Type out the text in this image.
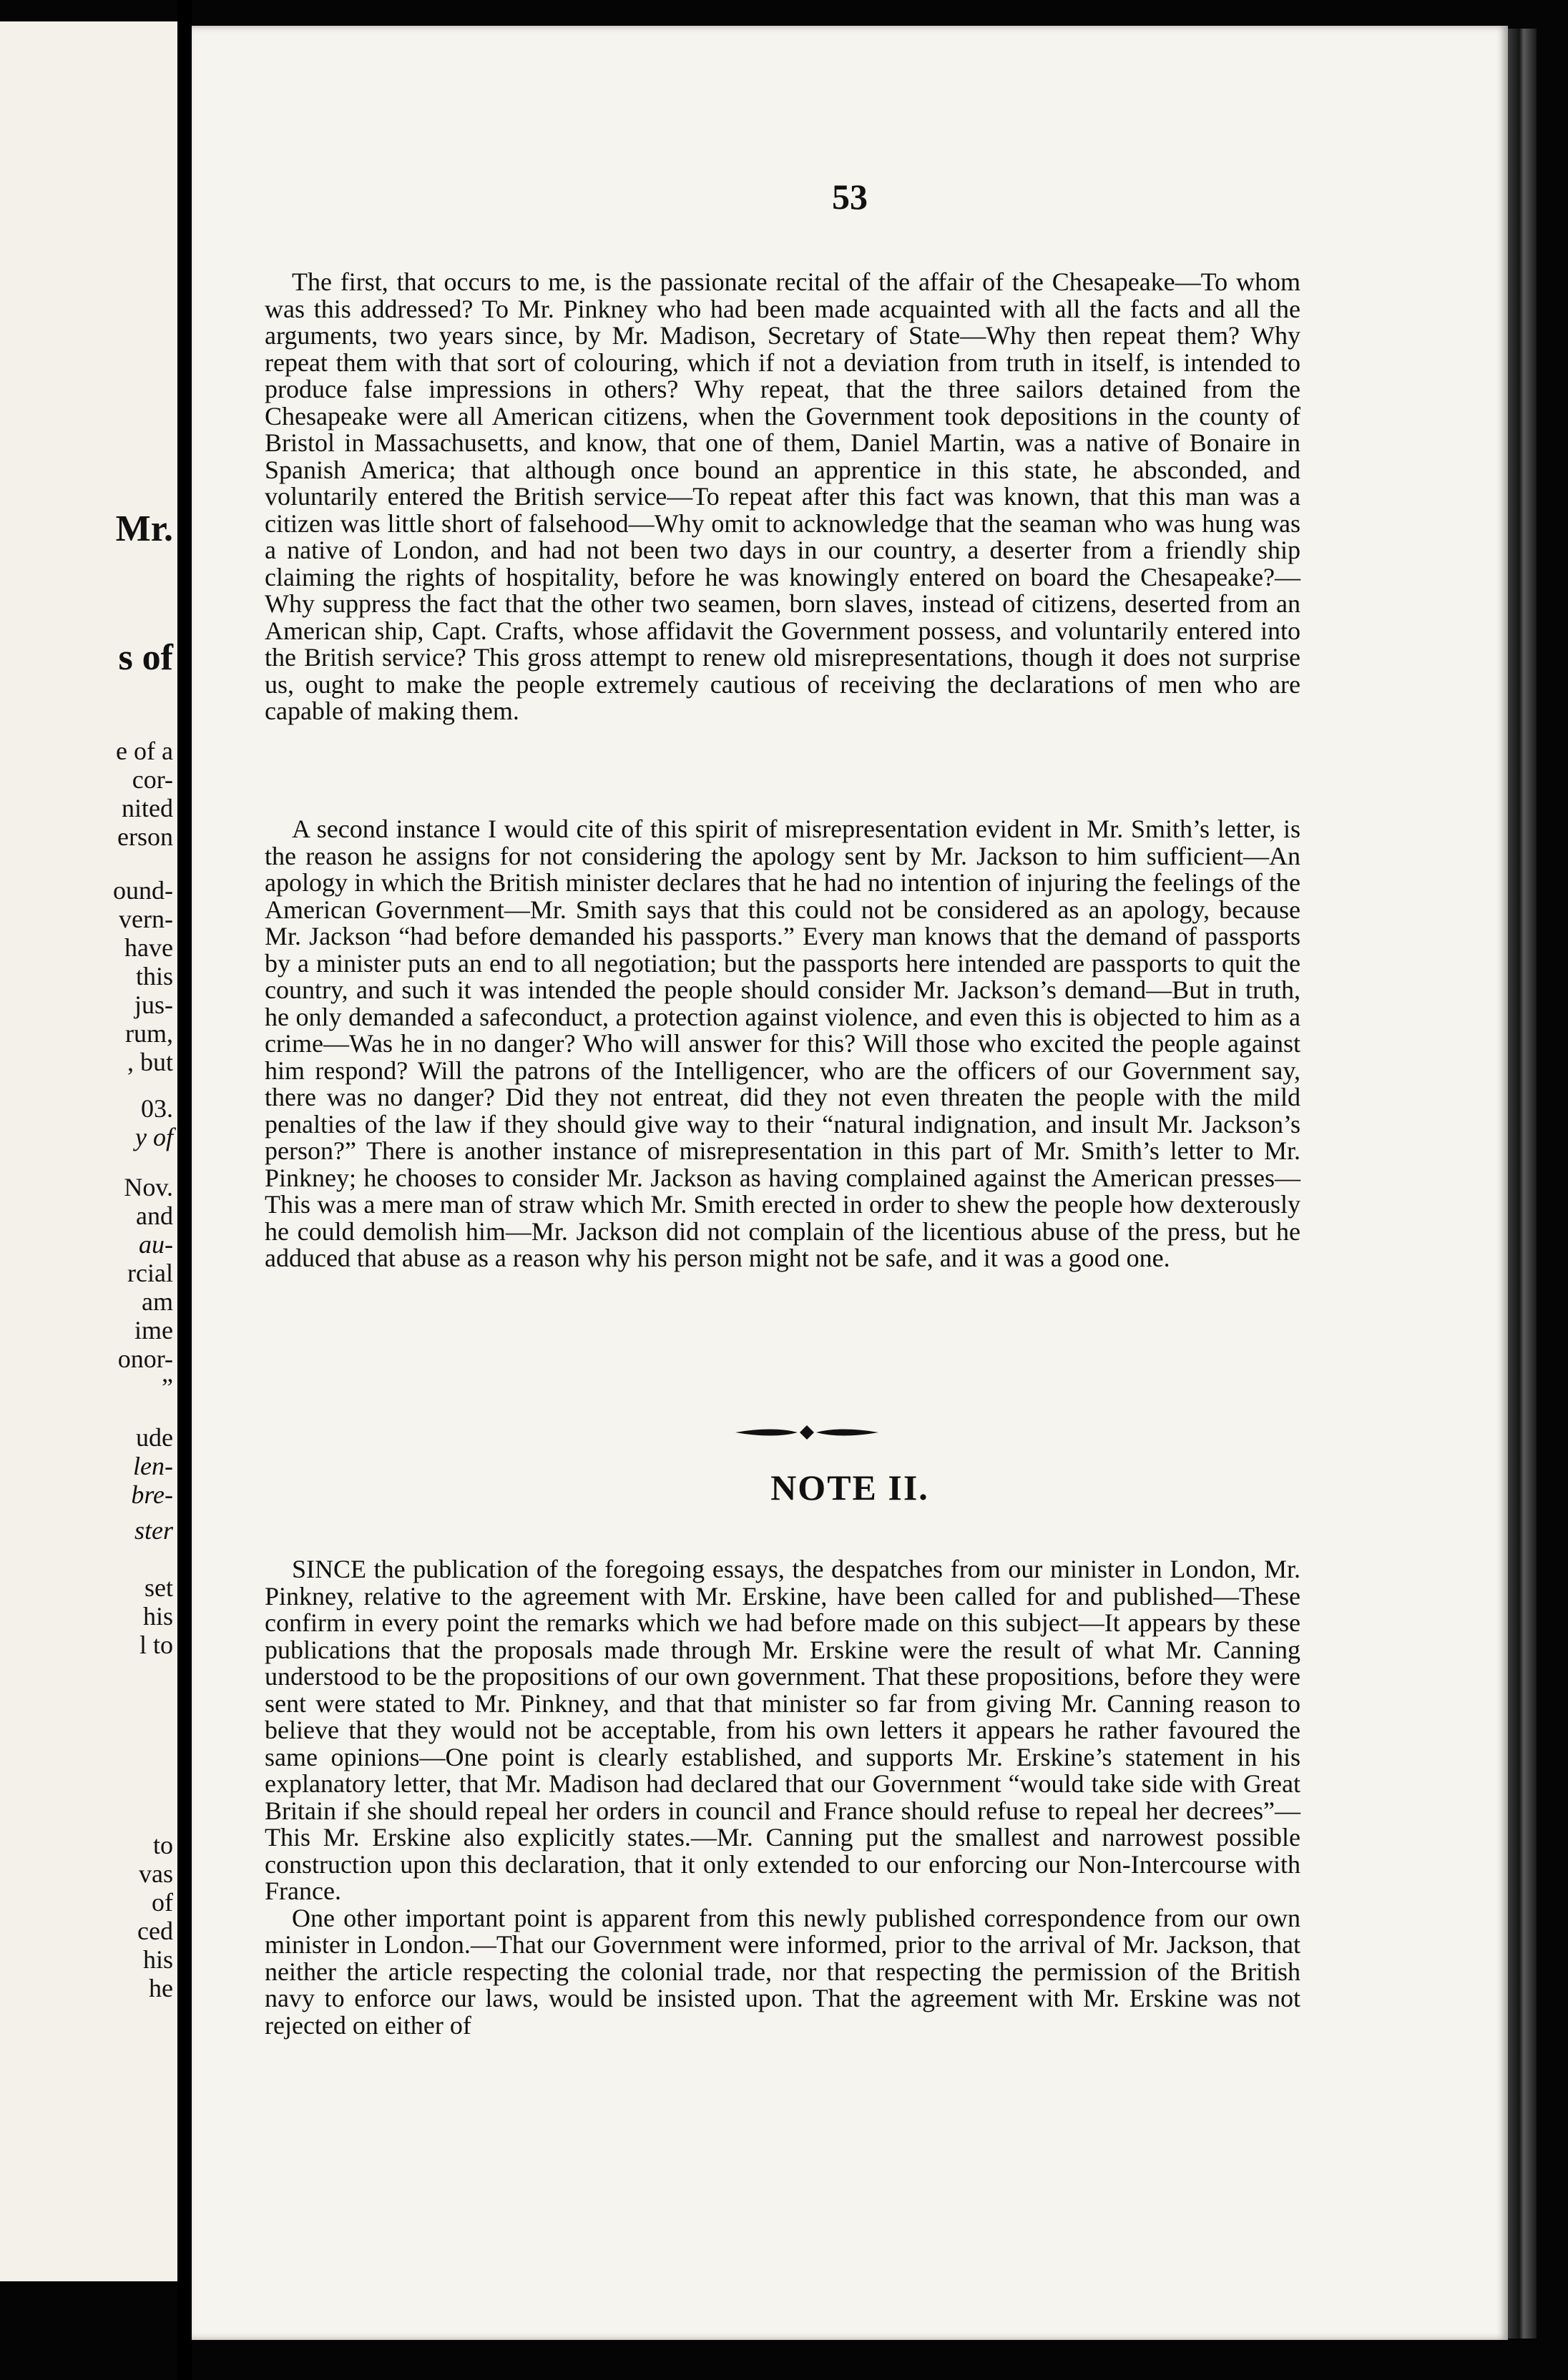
Mr.
s of
e of a
cor-
nited
erson
ound-
vern-
have
this
jus-
rum,
, but
03.
y of
Nov.
and
au-
rcial
am
ime
onor-
”
ude
len-
bre-
ster
set
his
l to
to
vas
of
ced
his
he
53

The first, that occurs to me, is the passionate recital of the affair of the Chesapeake—To whom was this addressed? To Mr. Pinkney who had been made acquainted with all the facts and all the arguments, two years since, by Mr. Madison, Secretary of State—Why then repeat them? Why repeat them with that sort of colouring, which if not a deviation from truth in itself, is intended to produce false impressions in others? Why repeat, that the three sailors detained from the Chesapeake were all American citizens, when the Government took depositions in the county of Bristol in Massachusetts, and know, that one of them, Daniel Martin, was a native of Bonaire in Spanish America; that although once bound an apprentice in this state, he absconded, and voluntarily entered the British service—To repeat after this fact was known, that this man was a citizen was little short of falsehood—Why omit to acknowledge that the seaman who was hung was a native of London, and had not been two days in our country, a deserter from a friendly ship claiming the rights of hospitality, before he was knowingly entered on board the Chesapeake?—Why suppress the fact that the other two seamen, born slaves, instead of citizens, deserted from an American ship, Capt. Crafts, whose affidavit the Government possess, and voluntarily entered into the British service? This gross attempt to renew old misrepresentations, though it does not surprise us, ought to make the people extremely cautious of receiving the declarations of men who are capable of making them.

A second instance I would cite of this spirit of misrepresentation evident in Mr. Smith’s letter, is the reason he assigns for not considering the apology sent by Mr. Jackson to him sufficient—An apology in which the British minister declares that he had no intention of injuring the feelings of the American Government—Mr. Smith says that this could not be considered as an apology, because Mr. Jackson “had before demanded his passports.” Every man knows that the demand of passports by a minister puts an end to all negotiation; but the passports here intended are passports to quit the country, and such it was intended the people should consider Mr. Jackson’s demand—But in truth, he only demanded a safeconduct, a protection against violence, and even this is objected to him as a crime—Was he in no danger? Who will answer for this? Will those who excited the people against him respond? Will the patrons of the Intelligencer, who are the officers of our Government say, there was no danger? Did they not entreat, did they not even threaten the people with the mild penalties of the law if they should give way to their “natural indignation, and insult Mr. Jackson’s person?” There is another instance of misrepresentation in this part of Mr. Smith’s letter to Mr. Pinkney; he chooses to consider Mr. Jackson as having complained against the American presses—This was a mere man of straw which Mr. Smith erected in order to shew the people how dexterously he could demolish him—Mr. Jackson did not complain of the licentious abuse of the press, but he adduced that abuse as a reason why his person might not be safe, and it was a good one.

NOTE II.

SINCE the publication of the foregoing essays, the despatches from our minister in London, Mr. Pinkney, relative to the agreement with Mr. Erskine, have been called for and published—These confirm in every point the remarks which we had before made on this subject—It appears by these publications that the proposals made through Mr. Erskine were the result of what Mr. Canning understood to be the propositions of our own government. That these propositions, before they were sent were stated to Mr. Pinkney, and that that minister so far from giving Mr. Canning reason to believe that they would not be acceptable, from his own letters it appears he rather favoured the same opinions—One point is clearly established, and supports Mr. Erskine’s statement in his explanatory letter, that Mr. Madison had declared that our Government “would take side with Great Britain if she should repeal her orders in council and France should refuse to repeal her decrees”—This Mr. Erskine also explicitly states.—Mr. Canning put the smallest and narrowest possible construction upon this declaration, that it only extended to our enforcing our Non-Intercourse with France.

One other important point is apparent from this newly published correspondence from our own minister in London.—That our Government were informed, prior to the arrival of Mr. Jackson, that neither the article respecting the colonial trade, nor that respecting the permission of the British navy to enforce our laws, would be insisted upon. That the agreement with Mr. Erskine was not rejected on either of
